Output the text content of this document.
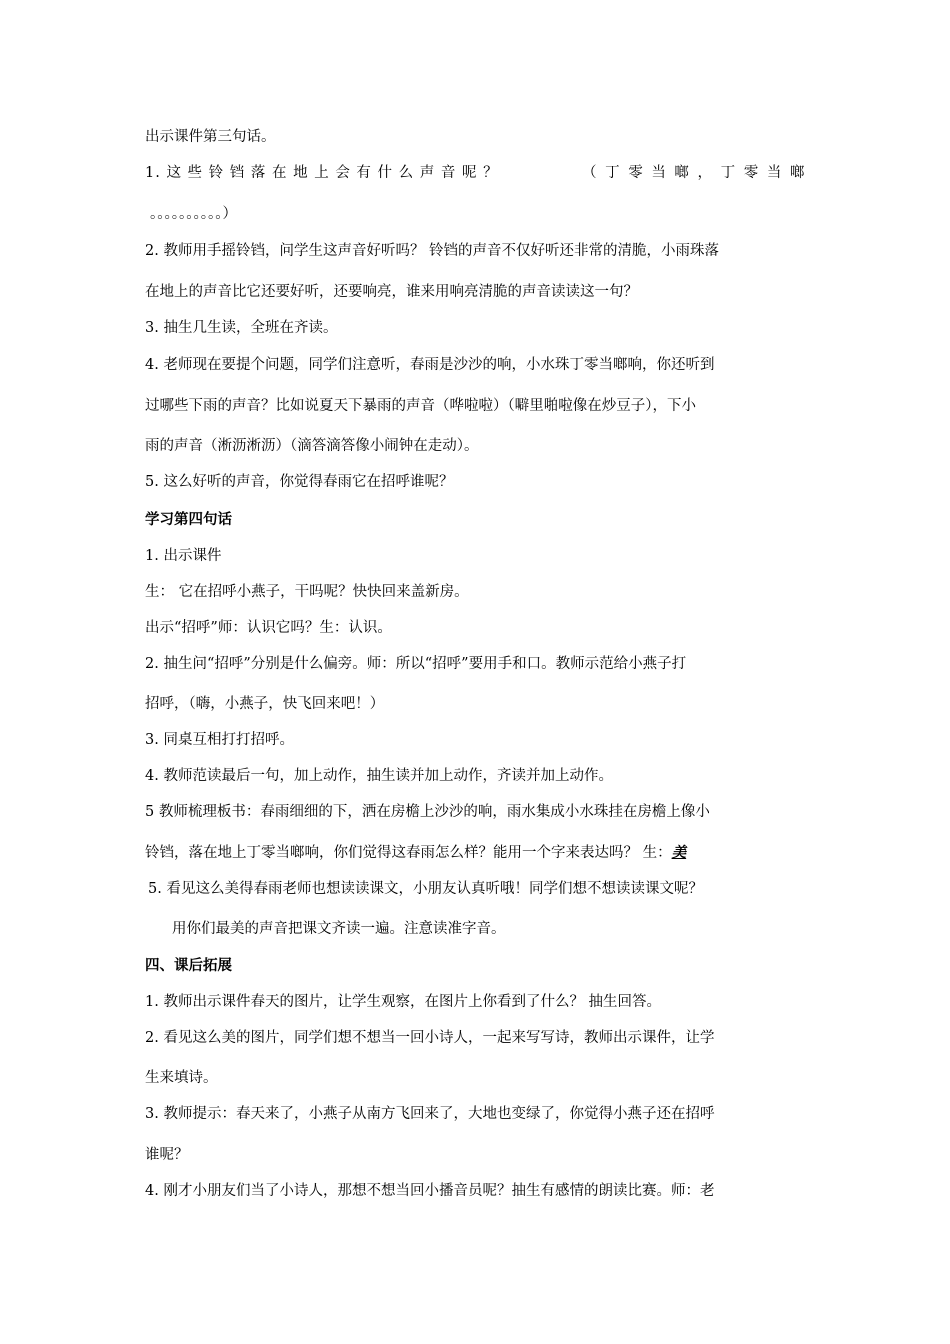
出示课件第三句话。
1. 这 些 铃 铛 落 在 地 上 会 有 什 么 声 音 呢 ？	（ 丁 零 当 啷 ， 丁 零 当 啷
。。。。。。。。。。）
2. 教师用手摇铃铛，问学生这声音好听吗？ 铃铛的声音不仅好听还非常的清脆，小雨珠落
在地上的声音比它还要好听，还要响亮，谁来用响亮清脆的声音读读这一句？
3. 抽生几生读，全班在齐读。
4. 老师现在要提个问题，同学们注意听，春雨是沙沙的响，小水珠丁零当啷响，你还听到
过哪些下雨的声音？比如说夏天下暴雨的声音（哗啦啦）（噼里啪啦像在炒豆子），下小
雨的声音（淅沥淅沥）（滴答滴答像小闹钟在走动）。
5. 这么好听的声音，你觉得春雨它在招呼谁呢？
学习第四句话
1. 出示课件
生： 它在招呼小燕子，干吗呢？快快回来盖新房。
出示“招呼”师：认识它吗？生：认识。
2. 抽生问“招呼”分别是什么偏旁。师：所以“招呼”要用手和口。教师示范给小燕子打
招呼，（嗨，小燕子，快飞回来吧！）
3. 同桌互相打打招呼。
4. 教师范读最后一句，加上动作，抽生读并加上动作，齐读并加上动作。
5 教师梳理板书：春雨细细的下，洒在房檐上沙沙的响，雨水集成小水珠挂在房檐上像小
铃铛，落在地上丁零当啷响，你们觉得这春雨怎么样？能用一个字来表达吗？ 生：美
5. 看见这么美得春雨老师也想读读课文，小朋友认真听哦！同学们想不想读读课文呢？
用你们最美的声音把课文齐读一遍。注意读准字音。
四、课后拓展
1. 教师出示课件春天的图片，让学生观察，在图片上你看到了什么？ 抽生回答。
2. 看见这么美的图片，同学们想不想当一回小诗人，一起来写写诗，教师出示课件，让学
生来填诗。
3. 教师提示：春天来了，小燕子从南方飞回来了，大地也变绿了，你觉得小燕子还在招呼
谁呢？
4. 刚才小朋友们当了小诗人，那想不想当回小播音员呢？抽生有感情的朗读比赛。师：老
